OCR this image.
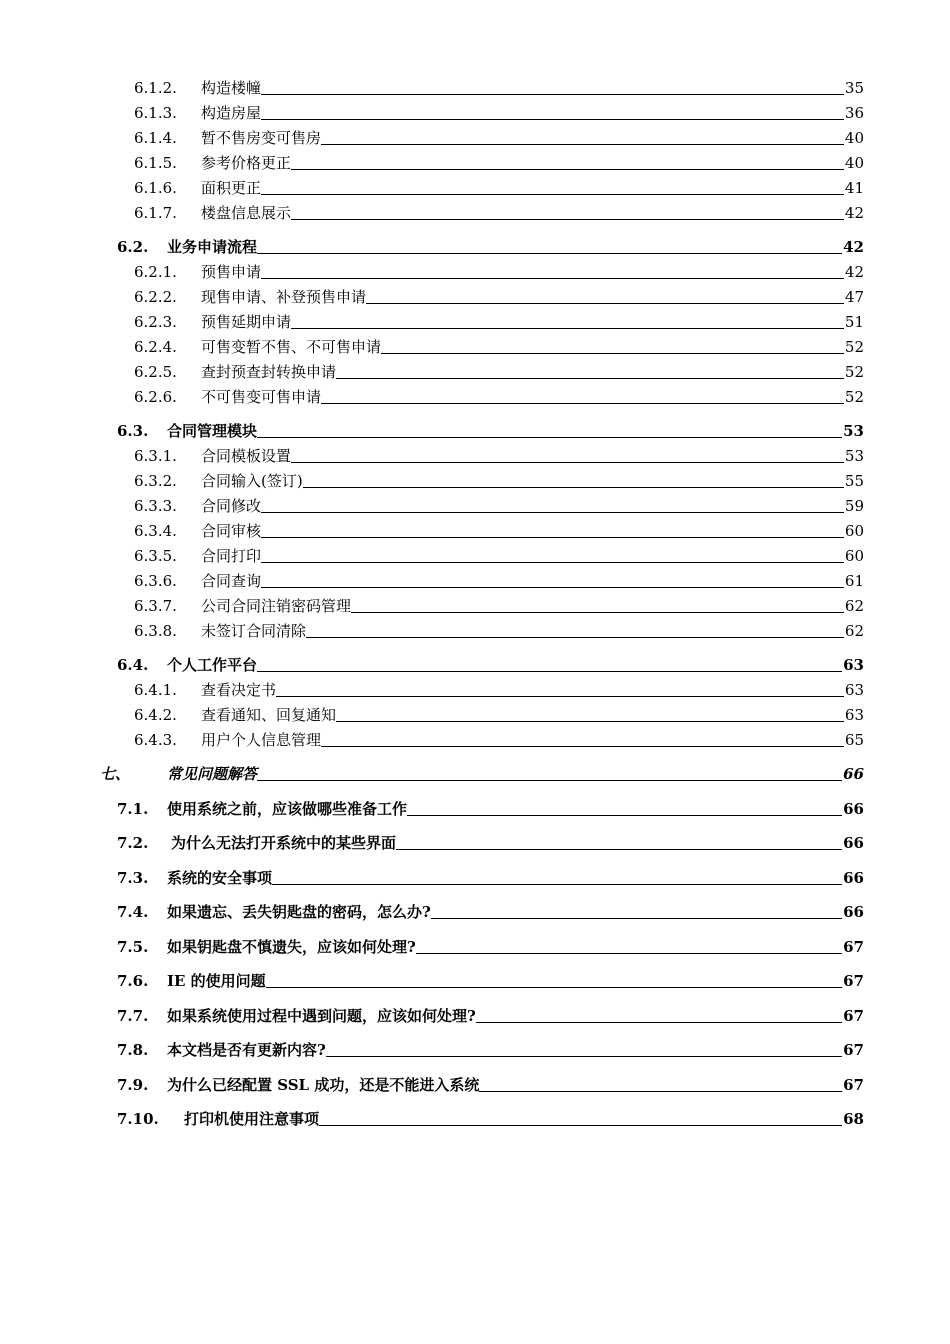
6.1.2. 构造楼幢	35
6.1.3. 构造房屋	36
6.1.4. 暂不售房变可售房	40
6.1.5. 参考价格更正	40
6.1.6. 面积更正	41
6.1.7. 楼盘信息展示	42
6.2. 业务申请流程	42
6.2.1. 预售申请	42
6.2.2. 现售申请、补登预售申请	47
6.2.3. 预售延期申请	51
6.2.4. 可售变暂不售、不可售申请	52
6.2.5. 查封预查封转换申请	52
6.2.6. 不可售变可售申请	52
6.3. 合同管理模块	53
6.3.1. 合同模板设置	53
6.3.2. 合同输入(签订)	55
6.3.3. 合同修改	59
6.3.4. 合同审核	60
6.3.5. 合同打印	60
6.3.6. 合同查询	61
6.3.7. 公司合同注销密码管理	62
6.3.8. 未签订合同清除	62
6.4. 个人工作平台	63
6.4.1. 查看决定书	63
6.4.2. 查看通知、回复通知	63
6.4.3. 用户个人信息管理	65
七、 常见问题解答	66
7.1. 使用系统之前，应该做哪些准备工作	66
7.2. 为什么无法打开系统中的某些界面	66
7.3. 系统的安全事项	66
7.4. 如果遗忘、丢失钥匙盘的密码，怎么办?	66
7.5. 如果钥匙盘不慎遗失，应该如何处理?	67
7.6. IE 的使用问题	67
7.7. 如果系统使用过程中遇到问题，应该如何处理?	67
7.8. 本文档是否有更新内容?	67
7.9. 为什么已经配置 SSL 成功，还是不能进入系统	67
7.10. 打印机使用注意事项	68
